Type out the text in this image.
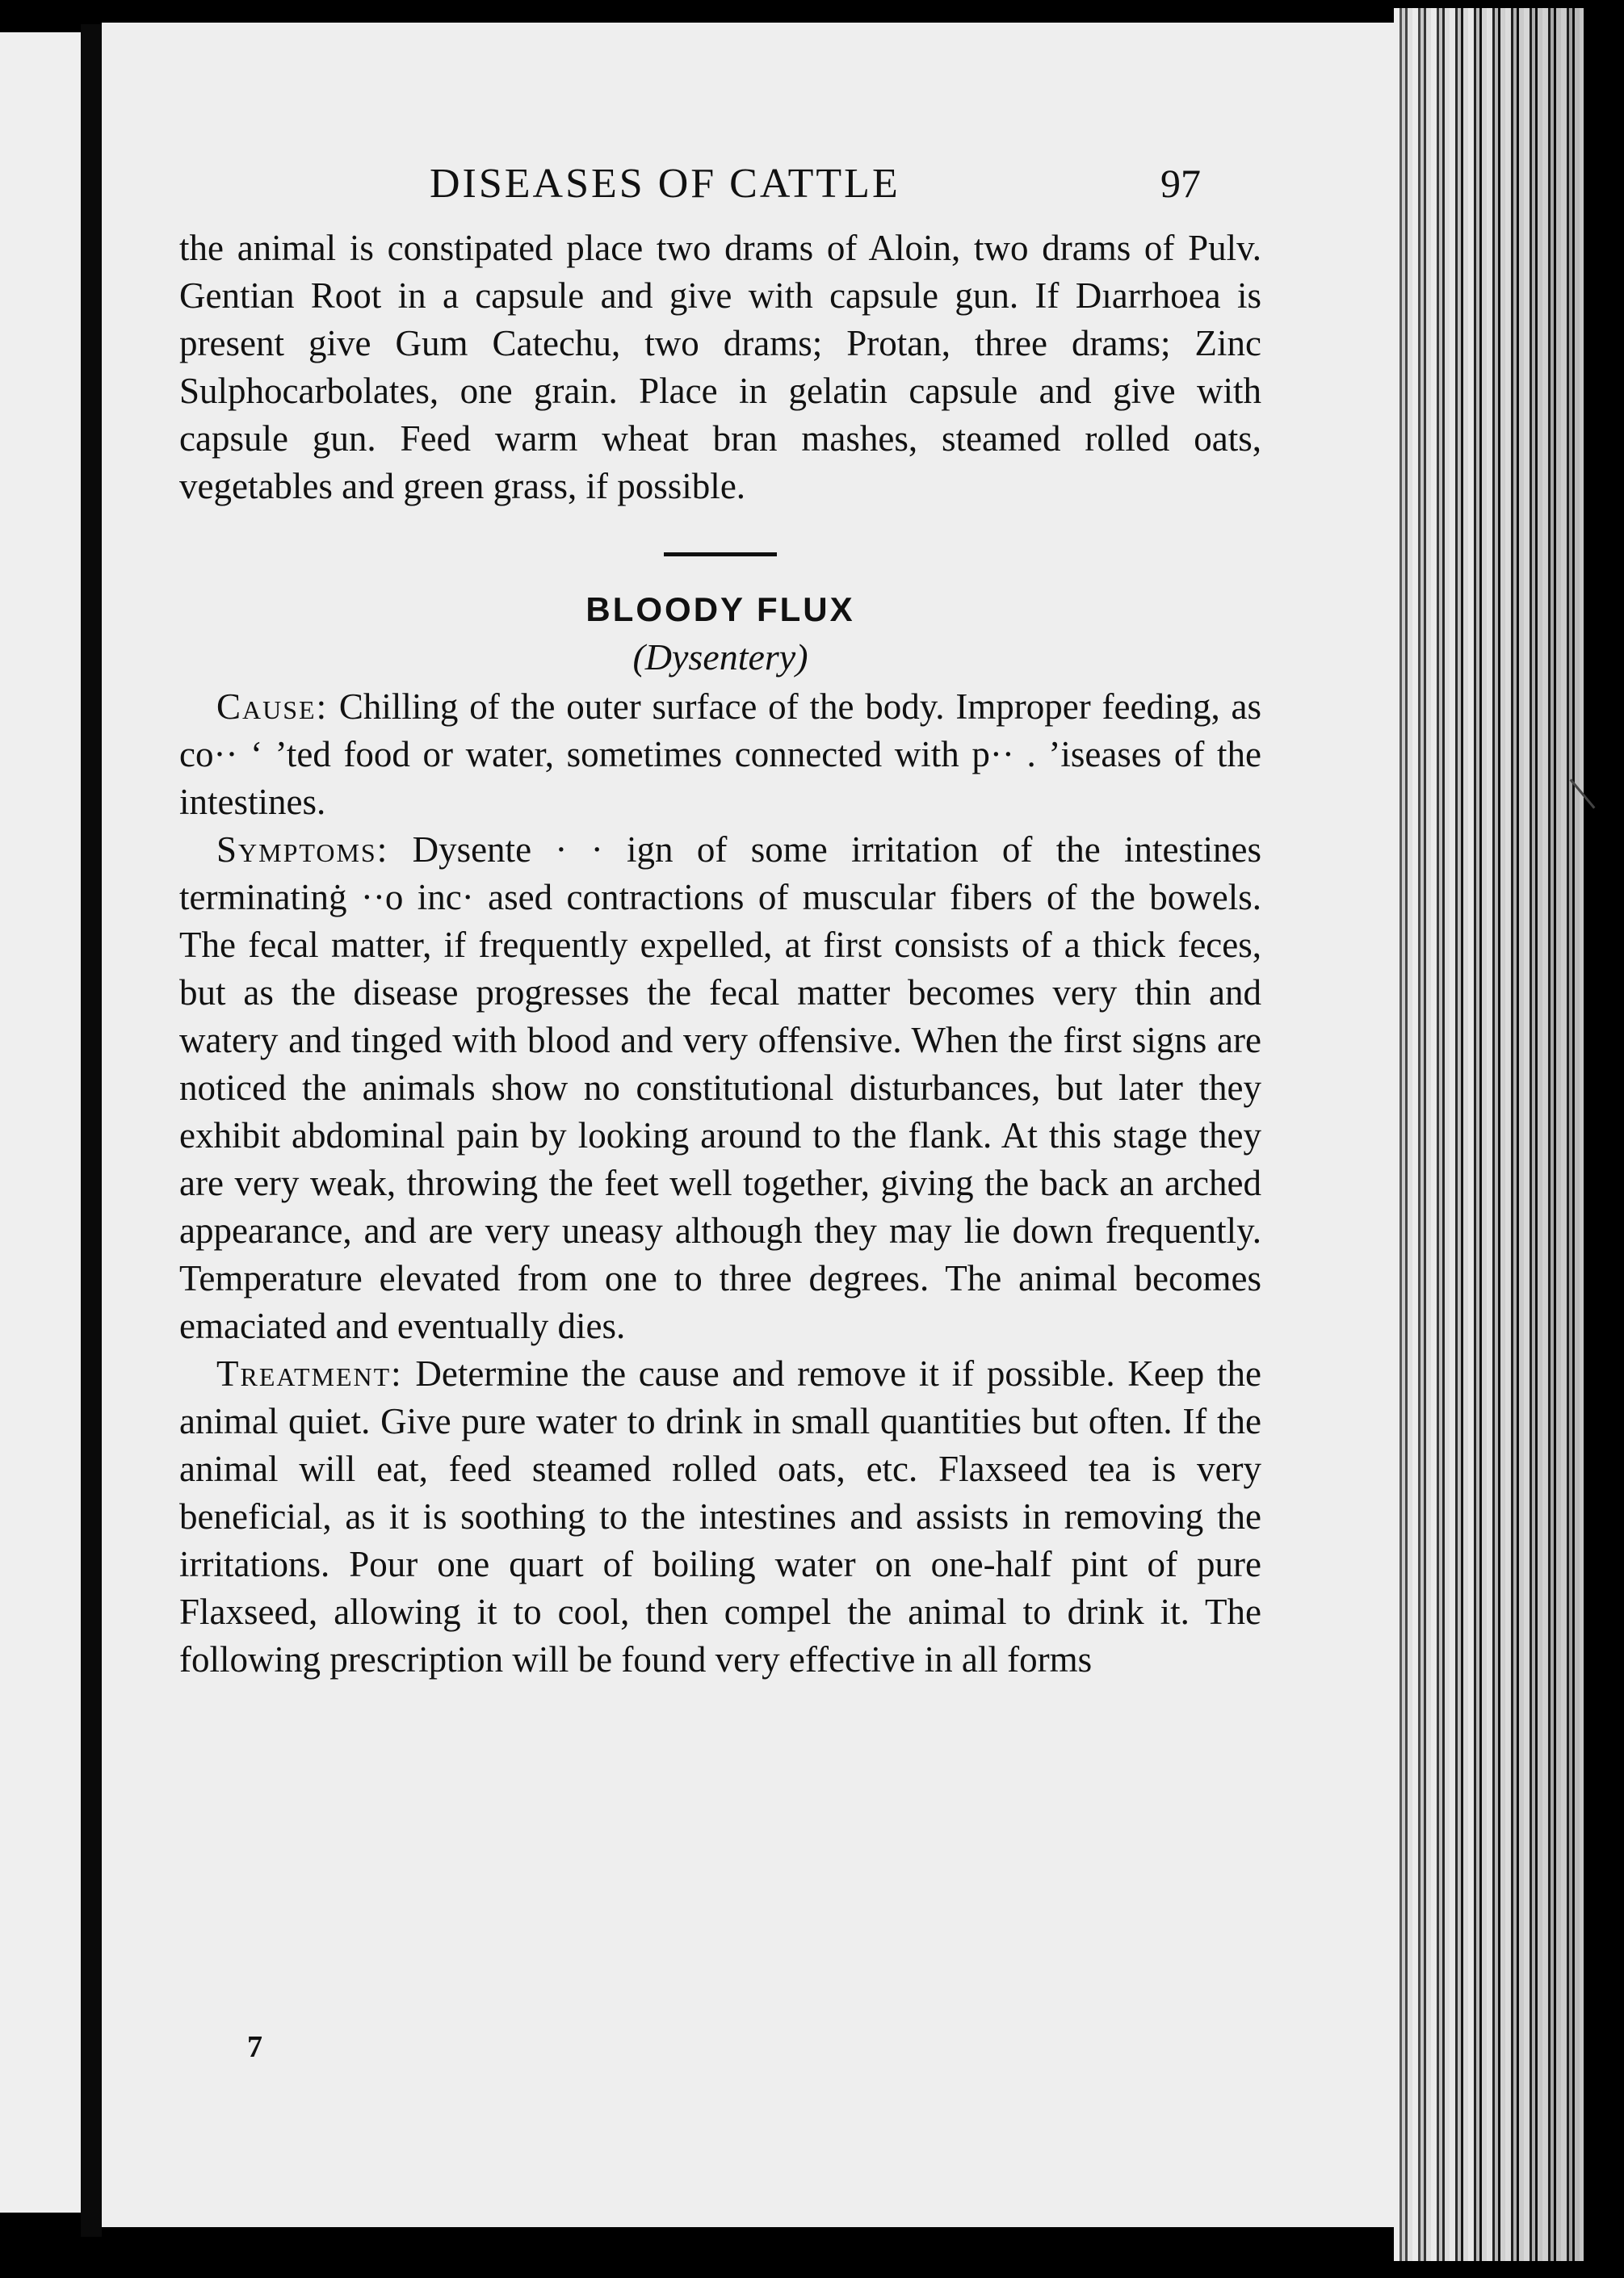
DISEASES OF CATTLE	97

the animal is constipated place two drams of Aloin, two drams of Pulv. Gentian Root in a capsule and give with capsule gun. If Dıarrhoea is present give Gum Catechu, two drams; Protan, three drams; Zinc Sulphocarbolates, one grain. Place in gelatin capsule and give with capsule gun. Feed warm wheat bran mashes, steamed rolled oats, vegetables and green grass, if possible.

BLOODY FLUX
(Dysentery)

Cause: Chilling of the outer surface of the body. Improper feeding, as co·· ‘ ’ted food or water, sometimes connected with p·· . ’iseases of the intestines.

Symptoms: Dysente · · ign of some irritation of the intestines terminatinġ ··o inc· ased contractions of muscular fibers of the bowels. The fecal matter, if frequently expelled, at first consists of a thick feces, but as the disease progresses the fecal matter becomes very thin and watery and tinged with blood and very offensive. When the first signs are noticed the animals show no constitutional disturbances, but later they exhibit abdominal pain by looking around to the flank. At this stage they are very weak, throwing the feet well together, giving the back an arched appearance, and are very uneasy although they may lie down frequently. Temperature elevated from one to three degrees. The animal becomes emaciated and eventually dies.

Treatment: Determine the cause and remove it if possible. Keep the animal quiet. Give pure water to drink in small quantities but often. If the animal will eat, feed steamed rolled oats, etc. Flaxseed tea is very beneficial, as it is soothing to the intestines and assists in removing the irritations. Pour one quart of boiling water on one-half pint of pure Flaxseed, allowing it to cool, then compel the animal to drink it. The following prescription will be found very effective in all forms

7
